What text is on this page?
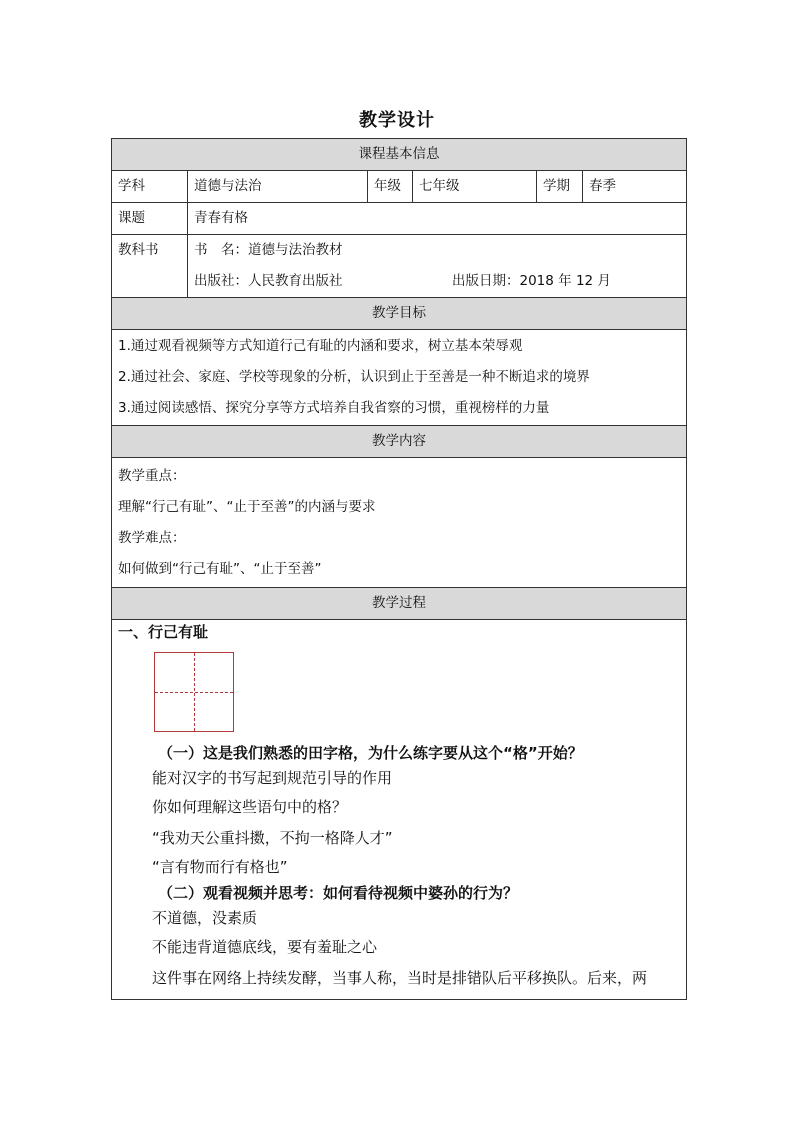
教学设计
课程基本信息
学科	道德与法治	年级	七年级	学期	春季
课题	青春有格
教科书	书　名：道德与法治教材
出版社：人民教育出版社	出版日期：2018 年 12 月
教学目标
1.通过观看视频等方式知道行己有耻的内涵和要求，树立基本荣辱观
2.通过社会、家庭、学校等现象的分析，认识到止于至善是一种不断追求的境界
3.通过阅读感悟、探究分享等方式培养自我省察的习惯，重视榜样的力量
教学内容
教学重点：
理解“行己有耻”、“止于至善”的内涵与要求
教学难点：
如何做到“行己有耻”、“止于至善”
教学过程
一、行己有耻
（一）这是我们熟悉的田字格，为什么练字要从这个“格”开始？
能对汉字的书写起到规范引导的作用
你如何理解这些语句中的格？
“我劝天公重抖擞，不拘一格降人才”
“言有物而行有格也”
（二）观看视频并思考：如何看待视频中婆孙的行为？
不道德，没素质
不能违背道德底线，要有羞耻之心
这件事在网络上持续发酵，当事人称，当时是排错队后平移换队。后来，两
